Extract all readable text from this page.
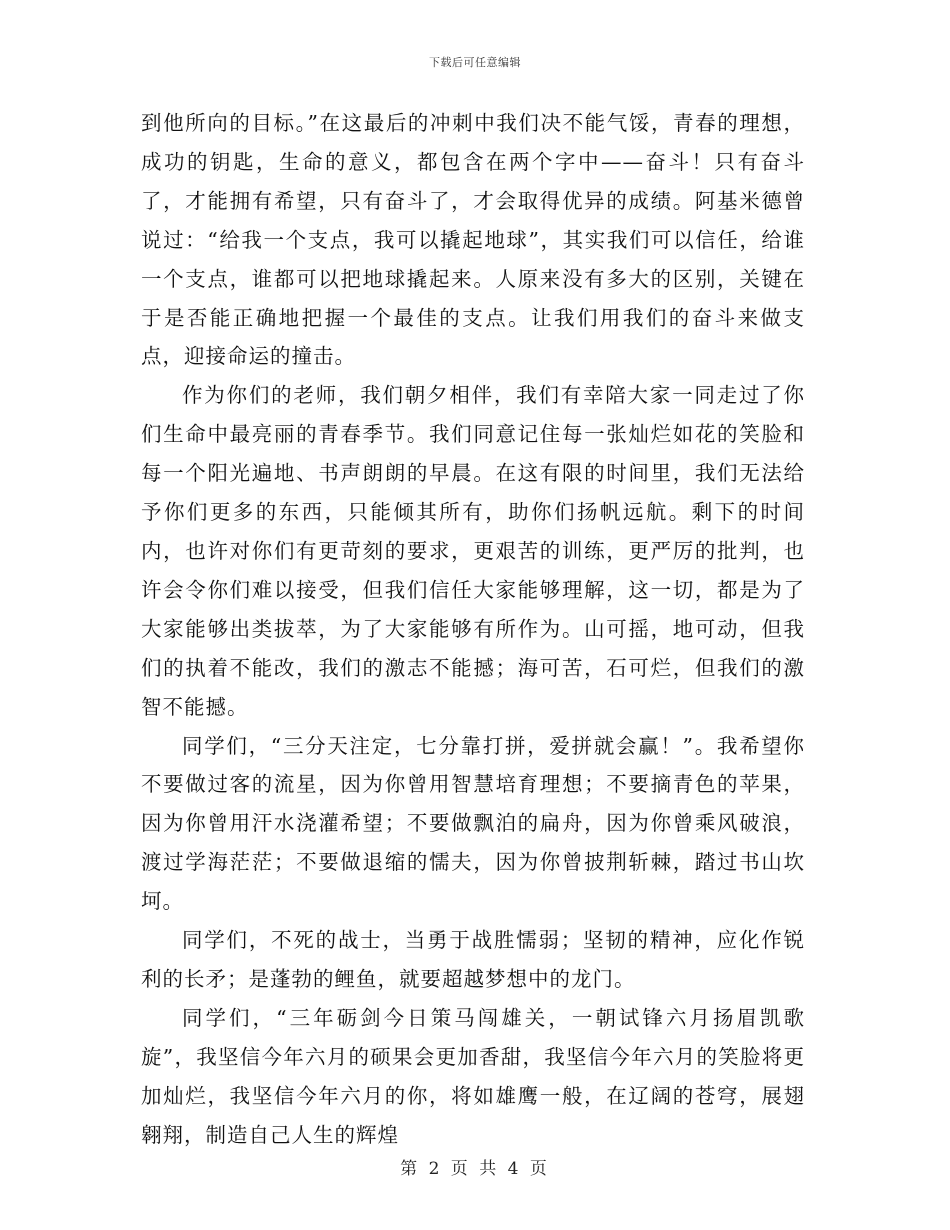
下载后可任意编辑

到他所向的目标。”在这最后的冲刺中我们决不能气馁，青春的理想，成功的钥匙，生命的意义，都包含在两个字中——奋斗！只有奋斗了，才能拥有希望，只有奋斗了，才会取得优异的成绩。阿基米德曾说过：“给我一个支点，我可以撬起地球”，其实我们可以信任，给谁一个支点，谁都可以把地球撬起来。人原来没有多大的区别，关键在于是否能正确地把握一个最佳的支点。让我们用我们的奋斗来做支点，迎接命运的撞击。

作为你们的老师，我们朝夕相伴，我们有幸陪大家一同走过了你们生命中最亮丽的青春季节。我们同意记住每一张灿烂如花的笑脸和每一个阳光遍地、书声朗朗的早晨。在这有限的时间里，我们无法给予你们更多的东西，只能倾其所有，助你们扬帆远航。剩下的时间内，也许对你们有更苛刻的要求，更艰苦的训练，更严厉的批判，也许会令你们难以接受，但我们信任大家能够理解，这一切，都是为了大家能够出类拔萃，为了大家能够有所作为。山可摇，地可动，但我们的执着不能改，我们的激志不能撼；海可苦，石可烂，但我们的激智不能撼。

同学们，“三分天注定，七分靠打拼，爱拼就会赢！”。我希望你不要做过客的流星，因为你曾用智慧培育理想；不要摘青色的苹果，因为你曾用汗水浇灌希望；不要做飘泊的扁舟，因为你曾乘风破浪，渡过学海茫茫；不要做退缩的懦夫，因为你曾披荆斩棘，踏过书山坎坷。

同学们，不死的战士，当勇于战胜懦弱；坚韧的精神，应化作锐利的长矛；是蓬勃的鲤鱼，就要超越梦想中的龙门。

同学们，“三年砺剑今日策马闯雄关，一朝试锋六月扬眉凯歌旋”，我坚信今年六月的硕果会更加香甜，我坚信今年六月的笑脸将更加灿烂，我坚信今年六月的你，将如雄鹰一般，在辽阔的苍穹，展翅翱翔，制造自己人生的辉煌

第 2 页 共 4 页
